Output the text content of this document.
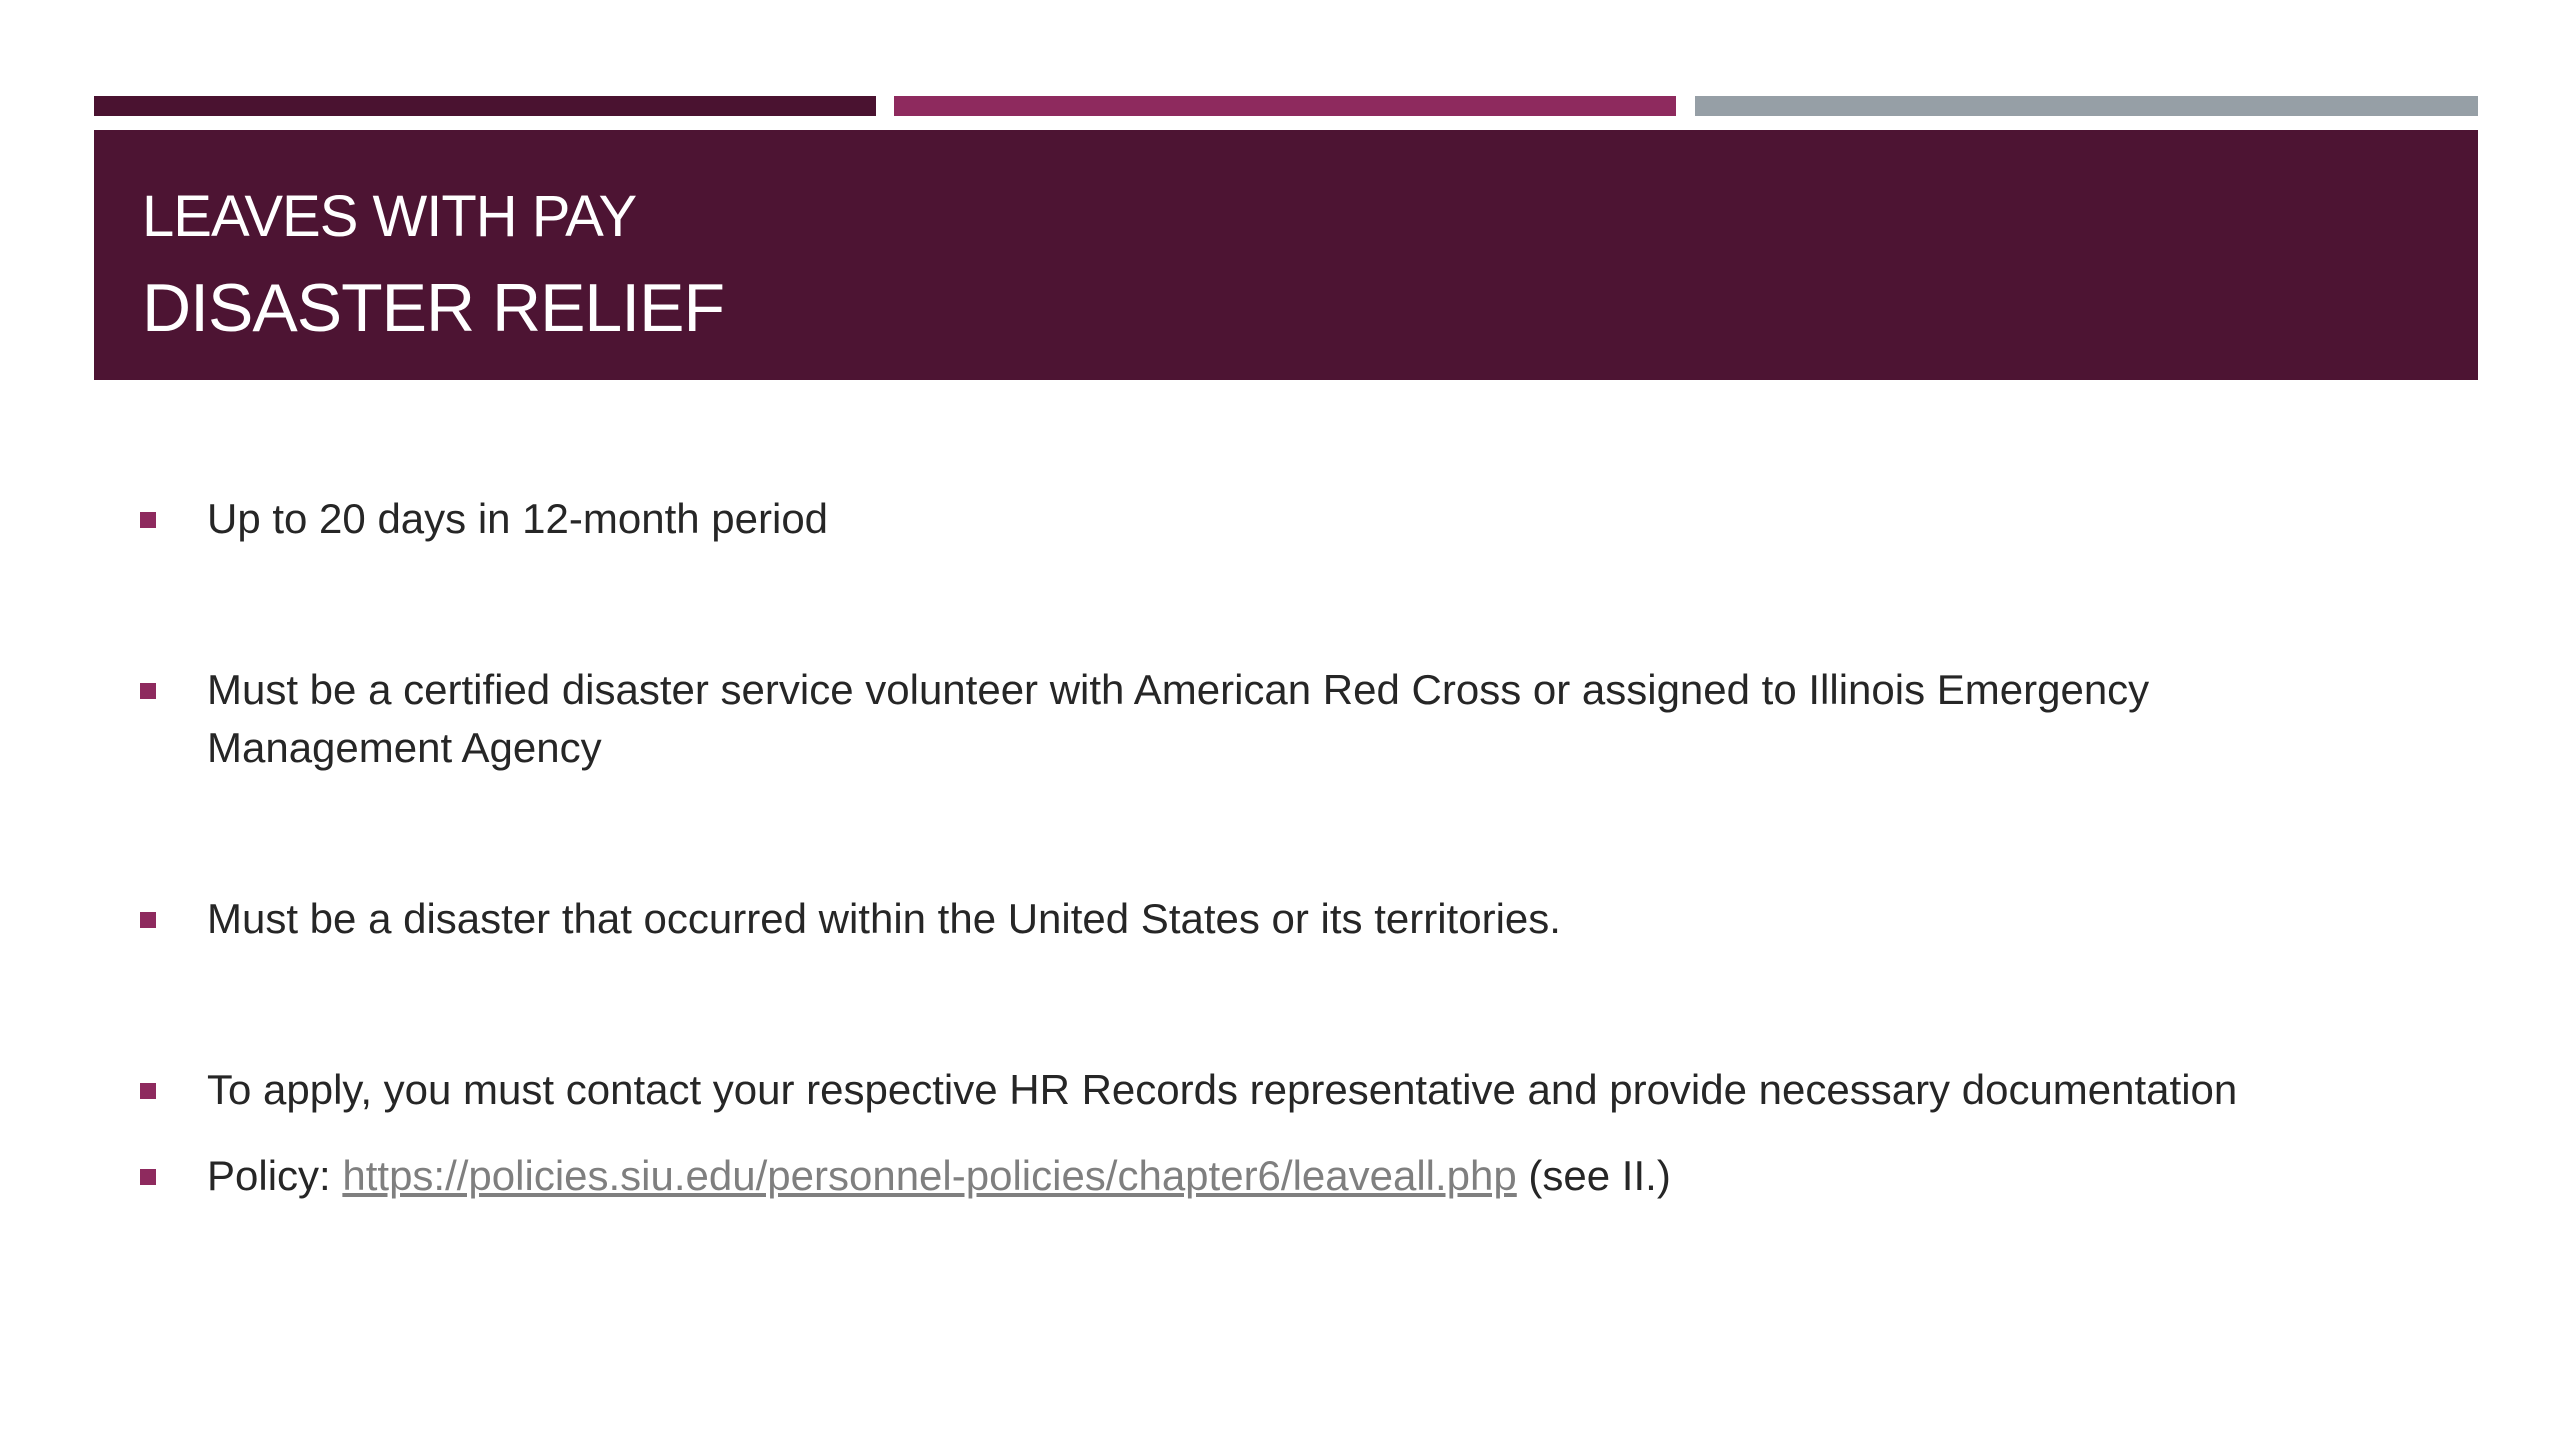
LEAVES WITH PAY
DISASTER RELIEF
Up to 20 days in 12-month period
Must be a certified disaster service volunteer with American Red Cross or assigned to Illinois Emergency Management Agency
Must be a disaster that occurred within the United States or its territories.
To apply, you must contact your respective HR Records representative and provide necessary documentation
Policy: https://policies.siu.edu/personnel-policies/chapter6/leaveall.php (see II.)
